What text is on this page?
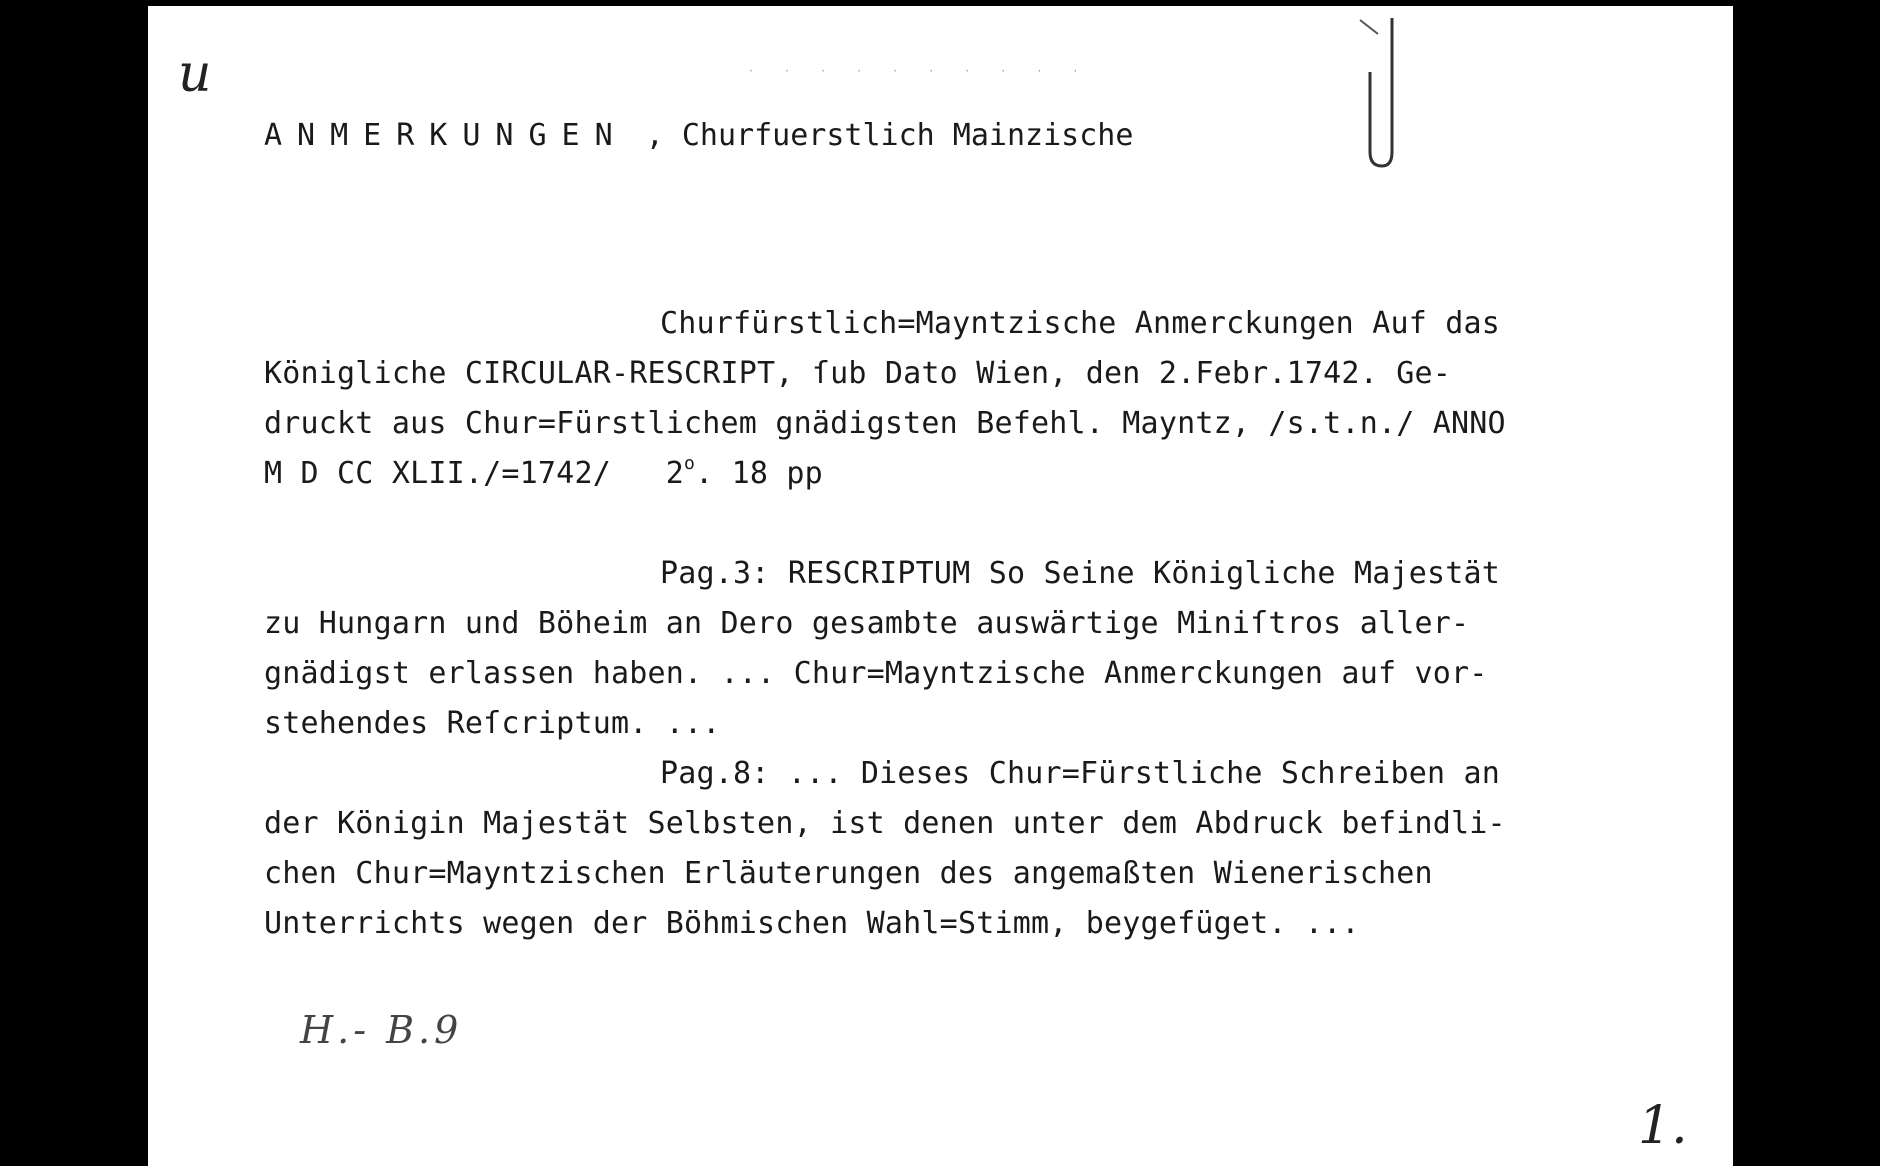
u	· · · · · · · · · ·
ANMERKUNGEN , Churfuerstlich Mainzische
Churfürstlich=Mayntzische Anmerckungen Auf das
Königliche CIRCULAR-RESCRIPT, ſub Dato Wien, den 2.Febr.1742. Ge-
druckt aus Chur=Fürstlichem gnädigsten Befehl. Mayntz, /s.t.n./ ANNO
M D CC XLII./=1742/   2$^o$. 18 pp
Pag.3: RESCRIPTUM So Seine Königliche Majestät
zu Hungarn und Böheim an Dero gesambte auswärtige Miniſtros aller-
gnädigst erlassen haben. ... Chur=Mayntzische Anmerckungen auf vor-
stehendes Reſcriptum. ...
Pag.8: ... Dieses Chur=Fürstliche Schreiben an
der Königin Majestät Selbsten, ist denen unter dem Abdruck befindli-
chen Chur=Mayntzischen Erläuterungen des angemaßten Wienerischen
Unterrichts wegen der Böhmischen Wahl=Stimm, beygefüget. ...
H.- B.9
1.
